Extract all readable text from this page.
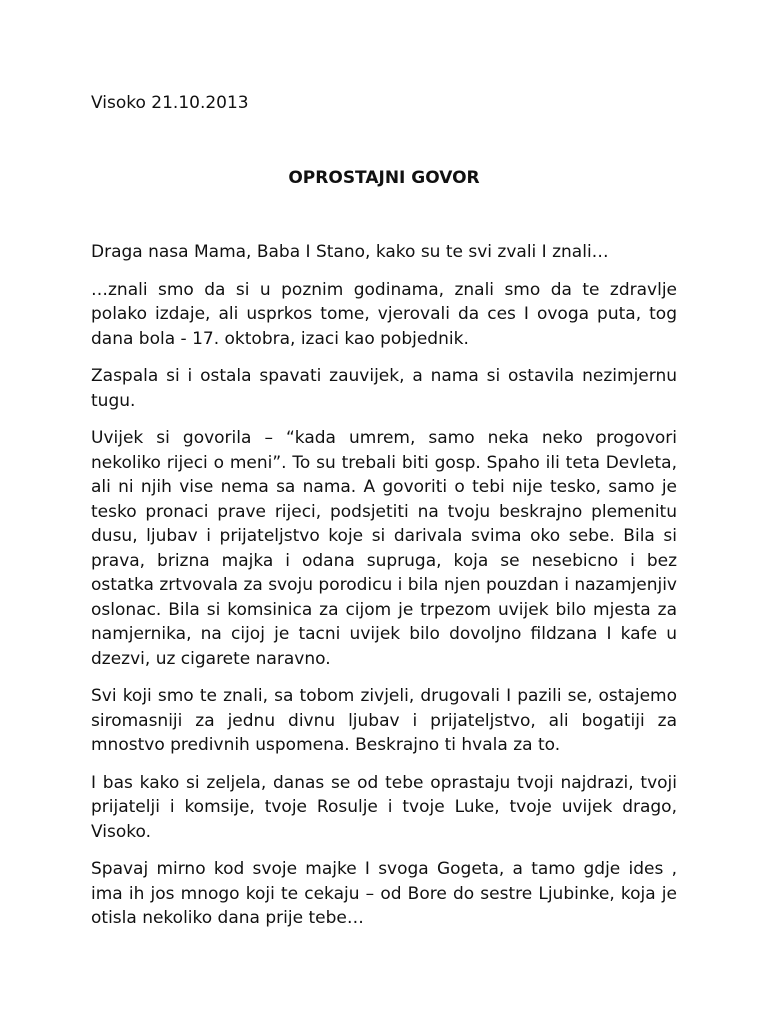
Visoko 21.10.2013

OPROSTAJNI GOVOR

Draga nasa Mama, Baba I Stano, kako su te svi zvali I znali…

…znali smo da si u poznim godinama, znali smo da te zdravlje polako izdaje, ali usprkos tome, vjerovali da ces I ovoga puta, tog dana bola - 17. oktobra, izaci kao pobjednik.

Zaspala si i ostala spavati zauvijek, a nama si ostavila nezimjernu tugu.

Uvijek si govorila – “kada umrem, samo neka neko progovori nekoliko rijeci o meni”. To su trebali biti gosp. Spaho ili teta Devleta, ali ni njih vise nema sa nama. A govoriti o tebi nije tesko, samo je tesko pronaci prave rijeci, podsjetiti na tvoju beskrajno plemenitu dusu, ljubav i prijateljstvo koje si darivala svima oko sebe. Bila si prava, brizna majka i odana supruga, koja se nesebicno i bez ostatka zrtvovala za svoju porodicu i bila njen pouzdan i nazamjenjiv oslonac. Bila si komsinica za cijom je trpezom uvijek bilo mjesta za namjernika, na cijoj je tacni uvijek bilo dovoljno fildzana I kafe u dzezvi, uz cigarete naravno.

Svi koji smo te znali, sa tobom zivjeli, drugovali I pazili se, ostajemo siromasniji za jednu divnu ljubav i prijateljstvo, ali bogatiji za mnostvo predivnih uspomena. Beskrajno ti hvala za to.

I bas kako si zeljela, danas se od tebe oprastaju tvoji najdrazi, tvoji prijatelji i komsije, tvoje Rosulje i tvoje Luke, tvoje uvijek drago, Visoko.

Spavaj mirno kod svoje majke I svoga Gogeta, a tamo gdje ides , ima ih jos mnogo koji te cekaju – od Bore do sestre Ljubinke, koja je otisla nekoliko dana prije tebe…
